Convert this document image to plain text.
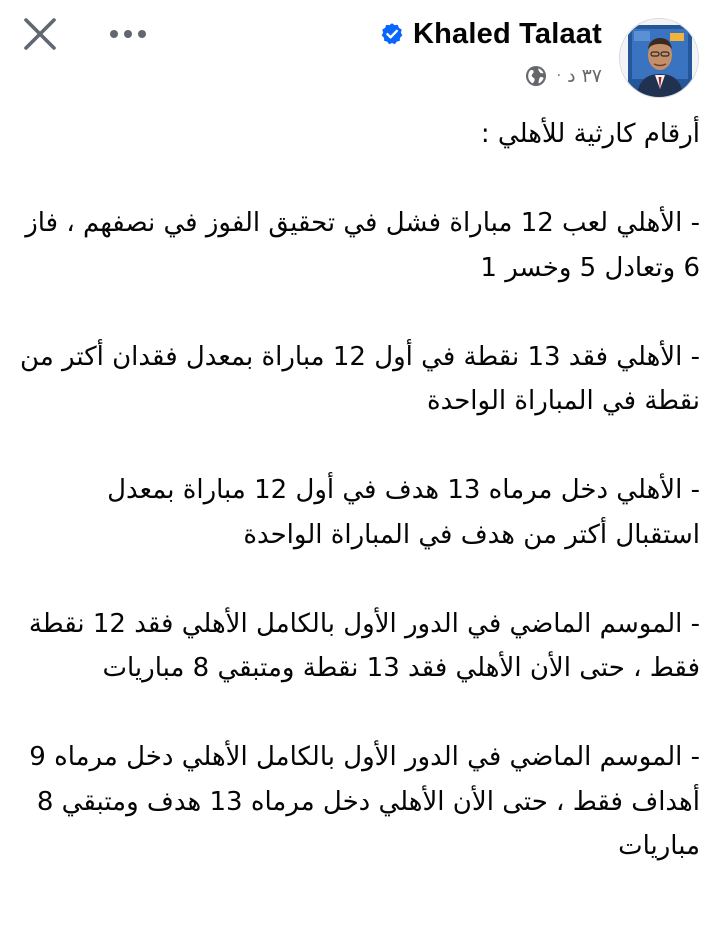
Khaled Talaat
· ٣٧ د

أرقام كارثية للأهلي :

- الأهلي لعب 12 مباراة فشل في تحقيق الفوز في نصفهم ، فاز 6 وتعادل 5 وخسر 1

- الأهلي فقد 13 نقطة في أول 12 مباراة بمعدل فقدان أكتر من نقطة في المباراة الواحدة

- الأهلي دخل مرماه 13 هدف في أول 12 مباراة بمعدل استقبال أكتر من هدف في المباراة الواحدة

- الموسم الماضي في الدور الأول بالكامل الأهلي فقد 12 نقطة فقط ، حتى الأن الأهلي فقد 13 نقطة ومتبقي 8 مباريات

- الموسم الماضي في الدور الأول بالكامل الأهلي دخل مرماه 9 أهداف فقط ، حتى الأن الأهلي دخل مرماه 13 هدف ومتبقي 8 مباريات
